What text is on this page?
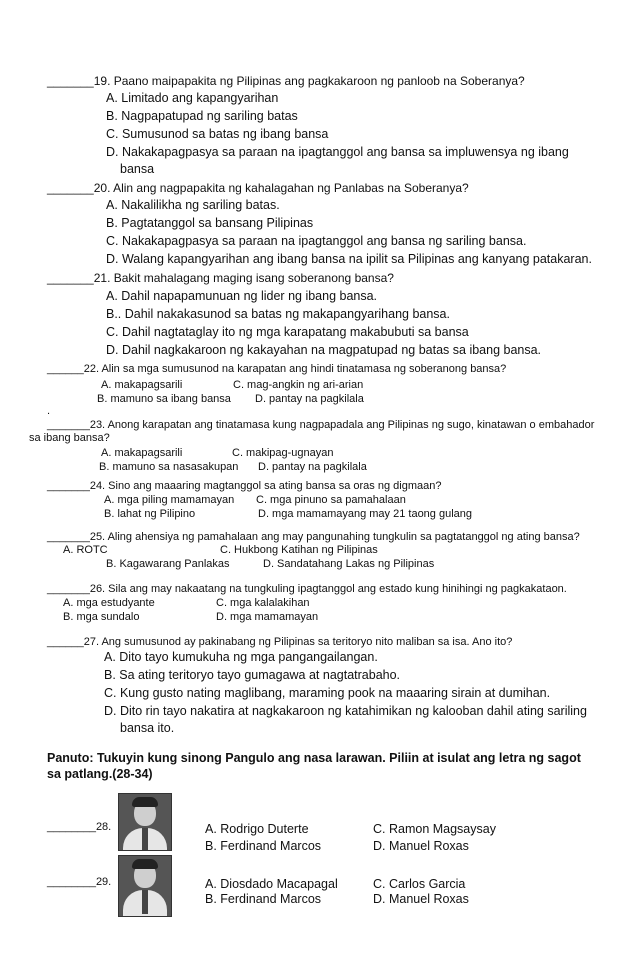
_______19. Paano maipapakita ng Pilipinas ang pagkakaroon ng panloob na Soberanya?
A. Limitado ang kapangyarihan
B. Nagpapatupad ng sariling batas
C. Sumusunod sa batas ng ibang bansa
D. Nakakapagpasya sa paraan na ipagtanggol ang bansa sa impluwensya ng ibang
bansa
_______20. Alin ang nagpapakita ng kahalagahan ng Panlabas na Soberanya?
A. Nakalilikha ng sariling batas.
B. Pagtatanggol sa bansang Pilipinas
C. Nakakapagpasya sa paraan na ipagtanggol ang bansa ng sariling bansa.
D. Walang kapangyarihan ang ibang bansa na ipilit sa Pilipinas ang kanyang patakaran.
_______21. Bakit mahalagang maging isang soberanong bansa?
A. Dahil napapamunuan ng lider ng ibang bansa.
B.. Dahil nakakasunod sa batas ng makapangyarihang bansa.
C. Dahil nagtataglay ito ng mga karapatang makabubuti sa bansa
D. Dahil nagkakaroon ng kakayahan na magpatupad ng batas sa ibang bansa.
______22. Alin sa mga sumusunod na karapatan ang hindi tinatamasa ng soberanong bansa?
A. makapagsarili	C. mag-angkin ng ari-arian
B. mamuno sa ibang bansa D. pantay na pagkilala
.
_______23. Anong karapatan ang tinatamasa kung nagpapadala ang Pilipinas ng sugo, kinatawan o embahador
sa ibang bansa?
A. makapagsarili	C. makipag-ugnayan
B. mamuno sa nasasakupan D. pantay na pagkilala
_______24. Sino ang maaaring magtanggol sa ating bansa sa oras ng digmaan?
A. mga piling mamamayan C. mga pinuno sa pamahalaan
B. lahat ng Pilipino	D. mga mamamayang may 21 taong gulang
_______25. Aling ahensiya ng pamahalaan ang may pangunahing tungkulin sa pagtatanggol ng ating bansa?
A. ROTC	C. Hukbong Katihan ng Pilipinas
B. Kagawarang Panlakas	D. Sandatahang Lakas ng Pilipinas
_______26. Sila ang may nakaatang na tungkuling ipagtanggol ang estado kung hinihingi ng pagkakataon.
A. mga estudyante	C. mga kalalakihan
B. mga sundalo	D. mga mamamayan
______27. Ang sumusunod ay pakinabang ng Pilipinas sa teritoryo nito maliban sa isa. Ano ito?
A. Dito tayo kumukuha ng mga pangangailangan.
B. Sa ating teritoryo tayo gumagawa at nagtatrabaho.
C. Kung gusto nating maglibang, maraming pook na maaaring sirain at dumihan.
D. Dito rin tayo nakatira at nagkakaroon ng katahimikan ng kalooban dahil ating sariling
bansa ito.
Panuto: Tukuyin kung sinong Pangulo ang nasa larawan. Piliin at isulat ang letra ng sagot
sa patlang.(28-34)
________28.	A. Rodrigo Duterte	C. Ramon Magsaysay
B. Ferdinand Marcos	D. Manuel Roxas
________29.	A. Diosdado Macapagal	C. Carlos Garcia
B. Ferdinand Marcos	D. Manuel Roxas
